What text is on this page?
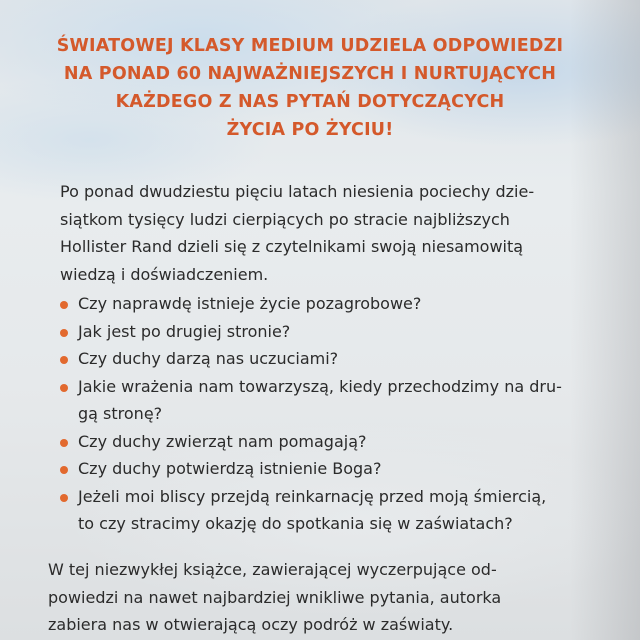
ŚWIATOWEJ KLASY MEDIUM UDZIELA ODPOWIEDZI
NA PONAD 60 NAJWAŻNIEJSZYCH I NURTUJĄCYCH
KAŻDEGO Z NAS PYTAŃ DOTYCZĄCYCH
ŻYCIA PO ŻYCIU!

Po ponad dwudziestu pięciu latach niesienia pociechy dzie-
siątkom tysięcy ludzi cierpiących po stracie najbliższych
Hollister Rand dzieli się z czytelnikami swoją niesamowitą
wiedzą i doświadczeniem.

Czy naprawdę istnieje życie pozagrobowe?
Jak jest po drugiej stronie?
Czy duchy darzą nas uczuciami?
Jakie wrażenia nam towarzyszą, kiedy przechodzimy na dru-
gą stronę?
Czy duchy zwierząt nam pomagają?
Czy duchy potwierdzą istnienie Boga?
Jeżeli moi bliscy przejdą reinkarnację przed moją śmiercią,
to czy stracimy okazję do spotkania się w zaświatach?

W tej niezwykłej książce, zawierającej wyczerpujące od-
powiedzi na nawet najbardziej wnikliwe pytania, autorka
zabiera nas w otwierającą oczy podróż w zaświaty.
